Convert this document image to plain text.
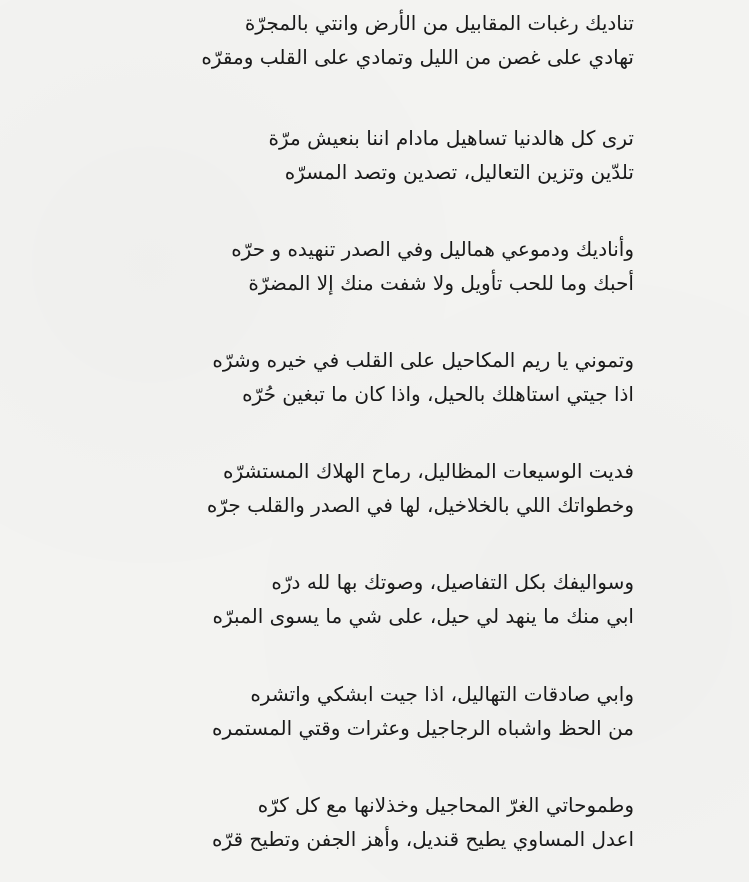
تناديك رغبات المقابيل من الأرض وانتي بالمجرّة
تهادي على غصن من الليل وتمادي على القلب ومقرّه
ترى كل هالدنيا تساهيل مادام اننا بنعيش مرّة
تلدّين وتزين التعاليل، تصدين وتصد المسرّه
وأناديك ودموعي هماليل وفي الصدر تنهيده و حرّه
أحبك وما للحب تأويل ولا شفت منك إلا المضرّة
وتموني يا ريم المكاحيل على القلب في خيره وشرّه
اذا جيتي استاهلك بالحيل، واذا كان ما تبغين حُرّه
فديت الوسيعات المظاليل، رماح الهلاك المستشرّه
وخطواتك اللي بالخلاخيل، لها في الصدر والقلب جرّه
وسواليفك بكل التفاصيل، وصوتك بها لله درّه
ابي منك ما ينهد لي حيل، على شي ما يسوى المبرّه
وابي صادقات التهاليل، اذا جيت ابشكي واتشره
من الحظ واشباه الرجاجيل وعثرات وقتي المستمره
وطموحاتي الغرّ المحاجيل وخذلانها مع كل كرّه
اعدل المساوي يطيح قنديل، وأهز الجفن وتطيح قرّه
